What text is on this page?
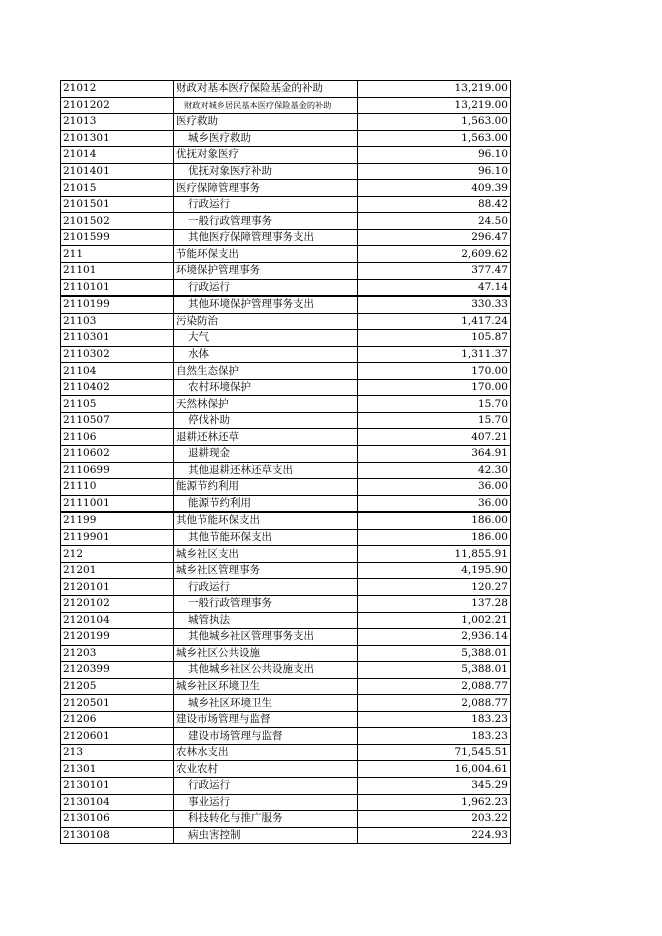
21012	财政对基本医疗保险基金的补助	13,219.00
2101202	财政对城乡居民基本医疗保险基金的补助	13,219.00
21013	医疗救助	1,563.00
2101301	城乡医疗救助	1,563.00
21014	优抚对象医疗	96.10
2101401	优抚对象医疗补助	96.10
21015	医疗保障管理事务	409.39
2101501	行政运行	88.42
2101502	一般行政管理事务	24.50
2101599	其他医疗保障管理事务支出	296.47
211	节能环保支出	2,609.62
21101	环境保护管理事务	377.47
2110101	行政运行	47.14
2110199	其他环境保护管理事务支出	330.33
21103	污染防治	1,417.24
2110301	大气	105.87
2110302	水体	1,311.37
21104	自然生态保护	170.00
2110402	农村环境保护	170.00
21105	天然林保护	15.70
2110507	停伐补助	15.70
21106	退耕还林还草	407.21
2110602	退耕现金	364.91
2110699	其他退耕还林还草支出	42.30
21110	能源节约利用	36.00
2111001	能源节约利用	36.00
21199	其他节能环保支出	186.00
2119901	其他节能环保支出	186.00
212	城乡社区支出	11,855.91
21201	城乡社区管理事务	4,195.90
2120101	行政运行	120.27
2120102	一般行政管理事务	137.28
2120104	城管执法	1,002.21
2120199	其他城乡社区管理事务支出	2,936.14
21203	城乡社区公共设施	5,388.01
2120399	其他城乡社区公共设施支出	5,388.01
21205	城乡社区环境卫生	2,088.77
2120501	城乡社区环境卫生	2,088.77
21206	建设市场管理与监督	183.23
2120601	建设市场管理与监督	183.23
213	农林水支出	71,545.51
21301	农业农村	16,004.61
2130101	行政运行	345.29
2130104	事业运行	1,962.23
2130106	科技转化与推广服务	203.22
2130108	病虫害控制	224.93
